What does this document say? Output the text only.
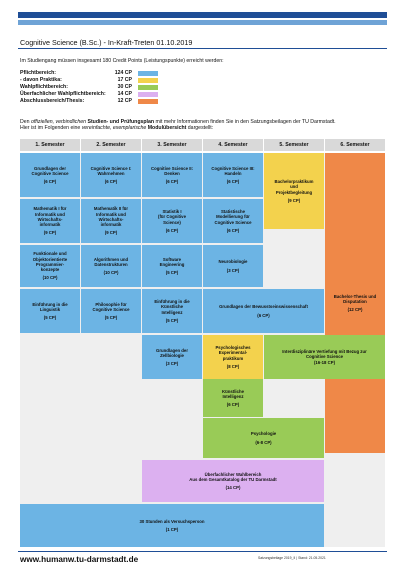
Cognitive Science (B.Sc.) - In-Kraft-Treten 01.10.2019
Im Studiengang müssen insgesamt 180 Credit Points (Leistungspunkte) erreicht werden:
Pflichtbereich:	124 CP
- davon Praktika:	17 CP
Wahlpflichtbereich:	30 CP
Überfachlicher Wahlpflichtbereich:	14 CP
Abschlussbereich/Thesis:	12 CP
Den offiziellen, verbindlichen Studien- und Prüfungsplan mit mehr Informationen finden Sie in den Satzungsbeilagen der TU Darmstadt.
Hier ist im Folgenden eine vereinfachte, exemplarische Modulübersicht dargestellt:
1. Semester	2. Semester	3. Semester	4. Semester	5. Semester	6. Semester
Grundlagen der
Cognitive Science
(6 CP)
Cognitive Science I:
Wahrnehmen
(6 CP)
Cognitive Science II:
Denken
(6 CP)
Cognitive Science III:
Handeln
(6 CP)	Bachelorpraktikum
und
Projektbegleitung
(9 CP)
Mathematik I für
Informatik und
Wirtschafts-
informatik
(9 CP)
Mathematik II für
Informatik und
Wirtschafts-
informatik
(9 CP)
Statistik I
(für Cognitive
Science)
(6 CP)
Statistische
Modellierung für
Cognitive Science
(6 CP)
Bachelor-Thesis und
Disputation
(12 CP)
Funktionale und
Objektorientierte
Programmier-
konzepte
(10 CP)
Algorithmen und
Datenstrukturen
(10 CP)
Software
Engineering
(5 CP)
Neurobiologie
(3 CP)
Einführung in die
Linguistik
(5 CP)
Philosophie für
Cognitive Science
(5 CP)
Einführung in die
Künstliche
Intelligenz
(5 CP)
Grundlagen der Bewusstseinswissenschaft
(6 CP)
Grundlagen der
Zellbiologie
(3 CP)
Psychologisches
Experimental-
praktikum
(8 CP)
Interdisziplinäre Vertiefung mit Bezug zur
Cognitive Science
(16-18 CP)
Künstliche
Intelligenz
(6 CP)
Psychologie
(6-8 CP)
Überfachlicher Wahlbereich
Aus dem Gesamtkatalog der TU Darmstadt
(14 CP)
30 Stunden als Versuchsperson
(1 CP)
www.humanw.tu-darmstadt.de	Satzungsbeilage 2019_II | Stand: 21.05.2021
